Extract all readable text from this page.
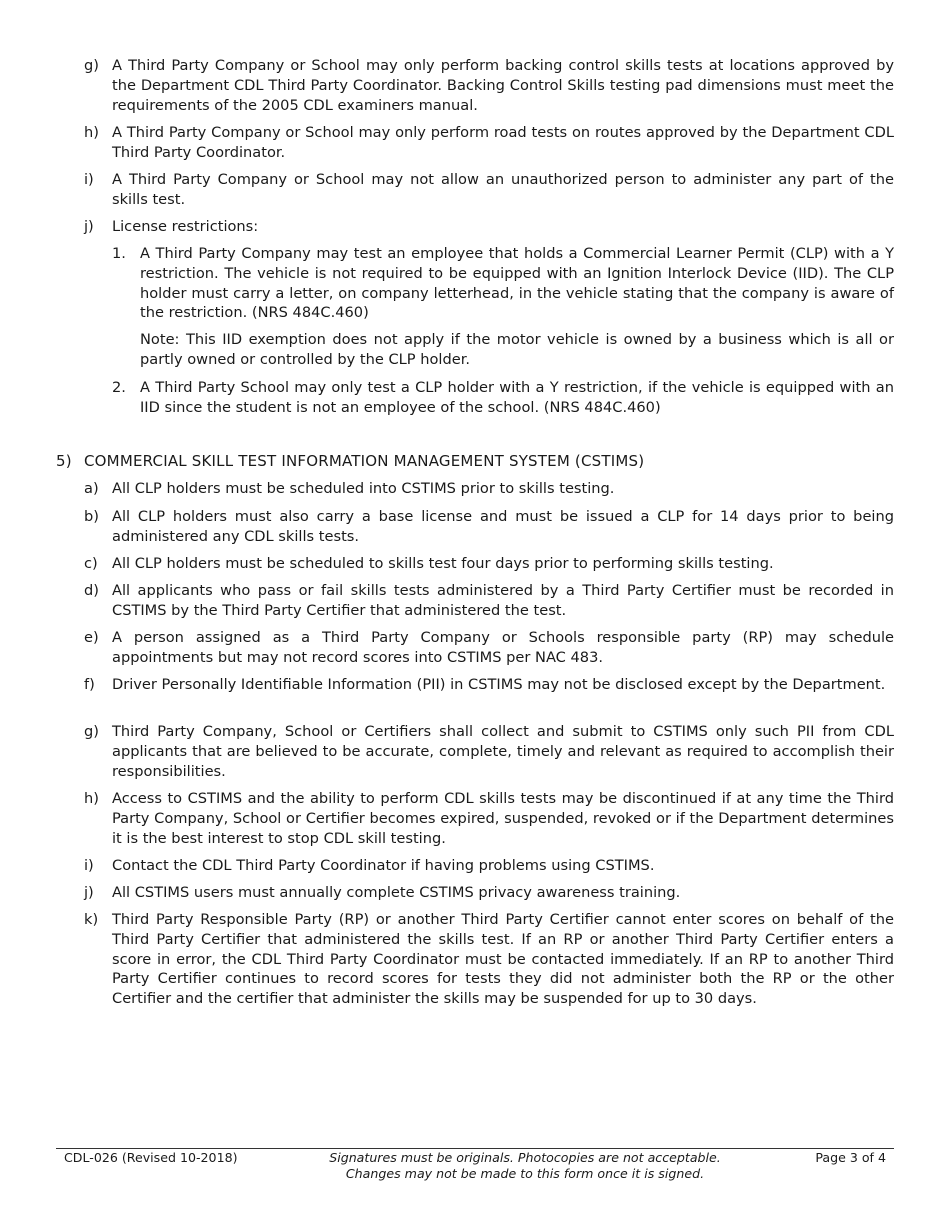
g) A Third Party Company or School may only perform backing control skills tests at locations approved by the Department CDL Third Party Coordinator. Backing Control Skills testing pad dimensions must meet the requirements of the 2005 CDL examiners manual.
h) A Third Party Company or School may only perform road tests on routes approved by the Department CDL Third Party Coordinator.
i) A Third Party Company or School may not allow an unauthorized person to administer any part of the skills test.
j) License restrictions:
1. A Third Party Company may test an employee that holds a Commercial Learner Permit (CLP) with a Y restriction. The vehicle is not required to be equipped with an Ignition Interlock Device (IID). The CLP holder must carry a letter, on company letterhead, in the vehicle stating that the company is aware of the restriction. (NRS 484C.460)
Note: This IID exemption does not apply if the motor vehicle is owned by a business which is all or partly owned or controlled by the CLP holder.
2. A Third Party School may only test a CLP holder with a Y restriction, if the vehicle is equipped with an IID since the student is not an employee of the school. (NRS 484C.460)
5) COMMERCIAL SKILL TEST INFORMATION MANAGEMENT SYSTEM (CSTIMS)
a) All CLP holders must be scheduled into CSTIMS prior to skills testing.
b) All CLP holders must also carry a base license and must be issued a CLP for 14 days prior to being administered any CDL skills tests.
c) All CLP holders must be scheduled to skills test four days prior to performing skills testing.
d) All applicants who pass or fail skills tests administered by a Third Party Certifier must be recorded in CSTIMS by the Third Party Certifier that administered the test.
e) A person assigned as a Third Party Company or Schools responsible party (RP) may schedule appointments but may not record scores into CSTIMS per NAC 483.
f) Driver Personally Identifiable Information (PII) in CSTIMS may not be disclosed except by the Department.
g) Third Party Company, School or Certifiers shall collect and submit to CSTIMS only such PII from CDL applicants that are believed to be accurate, complete, timely and relevant as required to accomplish their responsibilities.
h) Access to CSTIMS and the ability to perform CDL skills tests may be discontinued if at any time the Third Party Company, School or Certifier becomes expired, suspended, revoked or if the Department determines it is the best interest to stop CDL skill testing.
i) Contact the CDL Third Party Coordinator if having problems using CSTIMS.
j) All CSTIMS users must annually complete CSTIMS privacy awareness training.
k) Third Party Responsible Party (RP) or another Third Party Certifier cannot enter scores on behalf of the Third Party Certifier that administered the skills test. If an RP or another Third Party Certifier enters a score in error, the CDL Third Party Coordinator must be contacted immediately. If an RP to another Third Party Certifier continues to record scores for tests they did not administer both the RP or the other Certifier and the certifier that administer the skills may be suspended for up to 30 days.
CDL-026 (Revised 10-2018)	Signatures must be originals. Photocopies are not acceptable.
Changes may not be made to this form once it is signed.
Page 3 of 4
